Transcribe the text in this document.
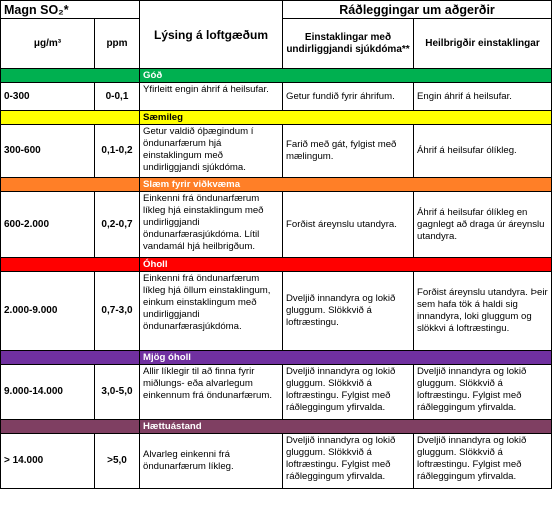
Magn SO₂*		Lýsing á loftgæðum	Ráðleggingar um aðgerðir	
μg/m³	ppm		Einstaklingar með undirliggjandi sjúkdóma**	Heilbrigðir einstaklingar
		Góð		
0-300	0-0,1	Yfirleitt engin áhrif á heilsufar.	Getur fundið fyrir áhrifum.	Engin áhrif á heilsufar.
		Sæmileg		
300-600	0,1-0,2	Getur valdið óþægindum í öndunarfærum hjá einstaklingum með undirliggjandi sjúkdóma.	Farið með gát, fylgist með mælingum.	Áhrif á heilsufar ólíkleg.
		Slæm fyrir viðkvæma		
600-2.000	0,2-0,7	Einkenni frá öndunarfærum líkleg hjá einstaklingum með undirliggjandi öndunarfærasjúkdóma. Lítil vandamál hjá heilbrigðum.	Forðist áreynslu utandyra.	Áhrif á heilsufar ólíkleg en gagnlegt að draga úr áreynslu utandyra.
		Óholl		
2.000-9.000	0,7-3,0	Einkenni frá öndunarfærum líkleg hjá öllum einstaklingum, einkum einstaklingum með undirliggjandi öndunarfærasjúkdóma.	Dveljið innandyra og lokið gluggum. Slökkvið á loftræstingu.	Forðist áreynslu utandyra. Þeir sem hafa tök á haldi sig innandyra, loki gluggum og slökkvi á loftræstingu.
		Mjög óholl		
9.000-14.000	3,0-5,0	Allir líklegir til að finna fyrir miðlungs- eða alvarlegum einkennum frá öndunarfærum.	Dveljið innandyra og lokið gluggum. Slökkvið á loftræstingu. Fylgist með ráðleggingum yfirvalda.	Dveljið innandyra og lokið gluggum. Slökkvið á loftræstingu. Fylgist með ráðleggingum yfirvalda.
		Hættuástand		
> 14.000	>5,0	Alvarleg einkenni frá öndunarfærum líkleg.	Dveljið innandyra og lokið gluggum. Slökkvið á loftræstingu. Fylgist með ráðleggingum yfirvalda.	Dveljið innandyra og lokið gluggum. Slökkvið á loftræstingu. Fylgist með ráðleggingum yfirvalda.
